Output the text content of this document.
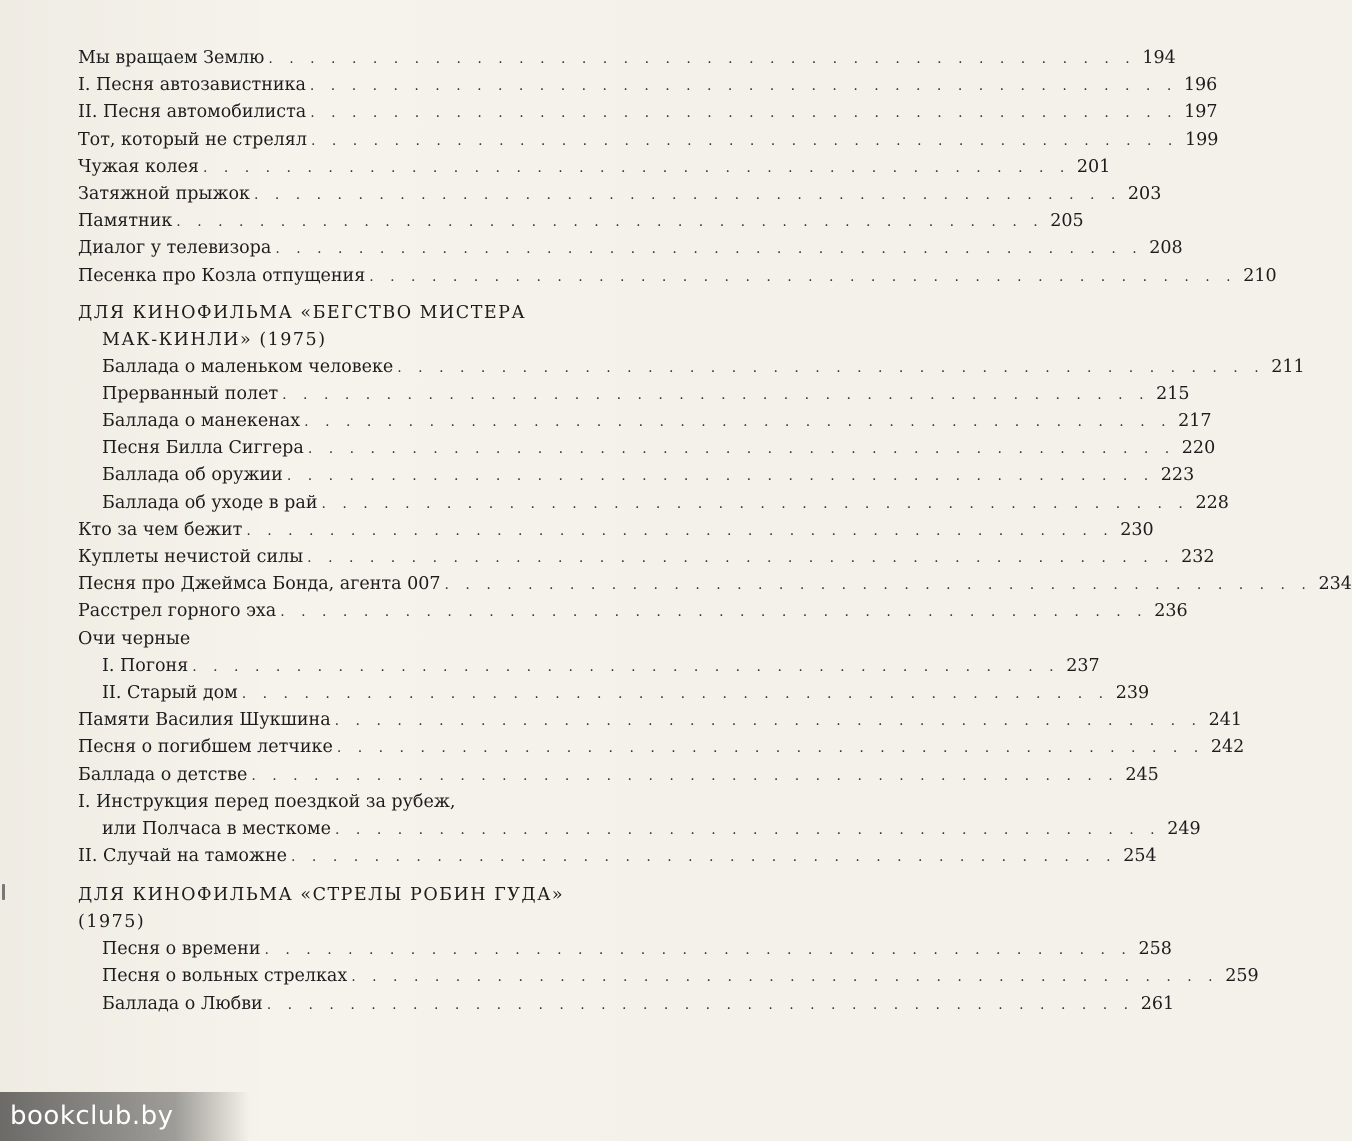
Мы вращаем Землю . . . . . . . . . . . . . . . . . . . . . . . . . . . . . . . . . . . . . . . . . . 194
I. Песня автозавистника . . . . . . . . . . . . . . . . . . . . . . . . . . . . . . . . . . . . . . . . . . 196
II. Песня автомобилиста . . . . . . . . . . . . . . . . . . . . . . . . . . . . . . . . . . . . . . . . . . 197
Тот, который не стрелял . . . . . . . . . . . . . . . . . . . . . . . . . . . . . . . . . . . . . . . . . . 199
Чужая колея . . . . . . . . . . . . . . . . . . . . . . . . . . . . . . . . . . . . . . . . . . 201
Затяжной прыжок . . . . . . . . . . . . . . . . . . . . . . . . . . . . . . . . . . . . . . . . . . 203
Памятник . . . . . . . . . . . . . . . . . . . . . . . . . . . . . . . . . . . . . . . . . . 205
Диалог у телевизора . . . . . . . . . . . . . . . . . . . . . . . . . . . . . . . . . . . . . . . . . . 208
Песенка про Козла отпущения . . . . . . . . . . . . . . . . . . . . . . . . . . . . . . . . . . . . . . . . . . 210
ДЛЯ КИНОФИЛЬМА «БЕГСТВО МИСТЕРА
МАК-КИНЛИ» (1975)
Баллада о маленьком человеке . . . . . . . . . . . . . . . . . . . . . . . . . . . . . . . . . . . . . . . . . . 211
Прерванный полет . . . . . . . . . . . . . . . . . . . . . . . . . . . . . . . . . . . . . . . . . . 215
Баллада о манекенах . . . . . . . . . . . . . . . . . . . . . . . . . . . . . . . . . . . . . . . . . . 217
Песня Билла Сиггера . . . . . . . . . . . . . . . . . . . . . . . . . . . . . . . . . . . . . . . . . . 220
Баллада об оружии . . . . . . . . . . . . . . . . . . . . . . . . . . . . . . . . . . . . . . . . . . 223
Баллада об уходе в рай . . . . . . . . . . . . . . . . . . . . . . . . . . . . . . . . . . . . . . . . . . 228
Кто за чем бежит . . . . . . . . . . . . . . . . . . . . . . . . . . . . . . . . . . . . . . . . . . 230
Куплеты нечистой силы . . . . . . . . . . . . . . . . . . . . . . . . . . . . . . . . . . . . . . . . . . 232
Песня про Джеймса Бонда, агента 007 . . . . . . . . . . . . . . . . . . . . . . . . . . . . . . . . . . . . . . . . . . 234
Расстрел горного эха . . . . . . . . . . . . . . . . . . . . . . . . . . . . . . . . . . . . . . . . . . 236
Очи черные
I. Погоня . . . . . . . . . . . . . . . . . . . . . . . . . . . . . . . . . . . . . . . . . . 237
II. Старый дом . . . . . . . . . . . . . . . . . . . . . . . . . . . . . . . . . . . . . . . . . . 239
Памяти Василия Шукшина . . . . . . . . . . . . . . . . . . . . . . . . . . . . . . . . . . . . . . . . . . 241
Песня о погибшем летчике . . . . . . . . . . . . . . . . . . . . . . . . . . . . . . . . . . . . . . . . . . 242
Баллада о детстве . . . . . . . . . . . . . . . . . . . . . . . . . . . . . . . . . . . . . . . . . . 245
I. Инструкция перед поездкой за рубеж,
или Полчаса в месткоме . . . . . . . . . . . . . . . . . . . . . . . . . . . . . . . . . . . . . . . . 249
II. Случай на таможне . . . . . . . . . . . . . . . . . . . . . . . . . . . . . . . . . . . . . . . . 254
ДЛЯ КИНОФИЛЬМА «СТРЕЛЫ РОБИН ГУДА»
(1975)
Песня о времени . . . . . . . . . . . . . . . . . . . . . . . . . . . . . . . . . . . . . . . . . . 258
Песня о вольных стрелках . . . . . . . . . . . . . . . . . . . . . . . . . . . . . . . . . . . . . . . . . . 259
Баллада о Любви . . . . . . . . . . . . . . . . . . . . . . . . . . . . . . . . . . . . . . . . . . 261
bookclub.by
